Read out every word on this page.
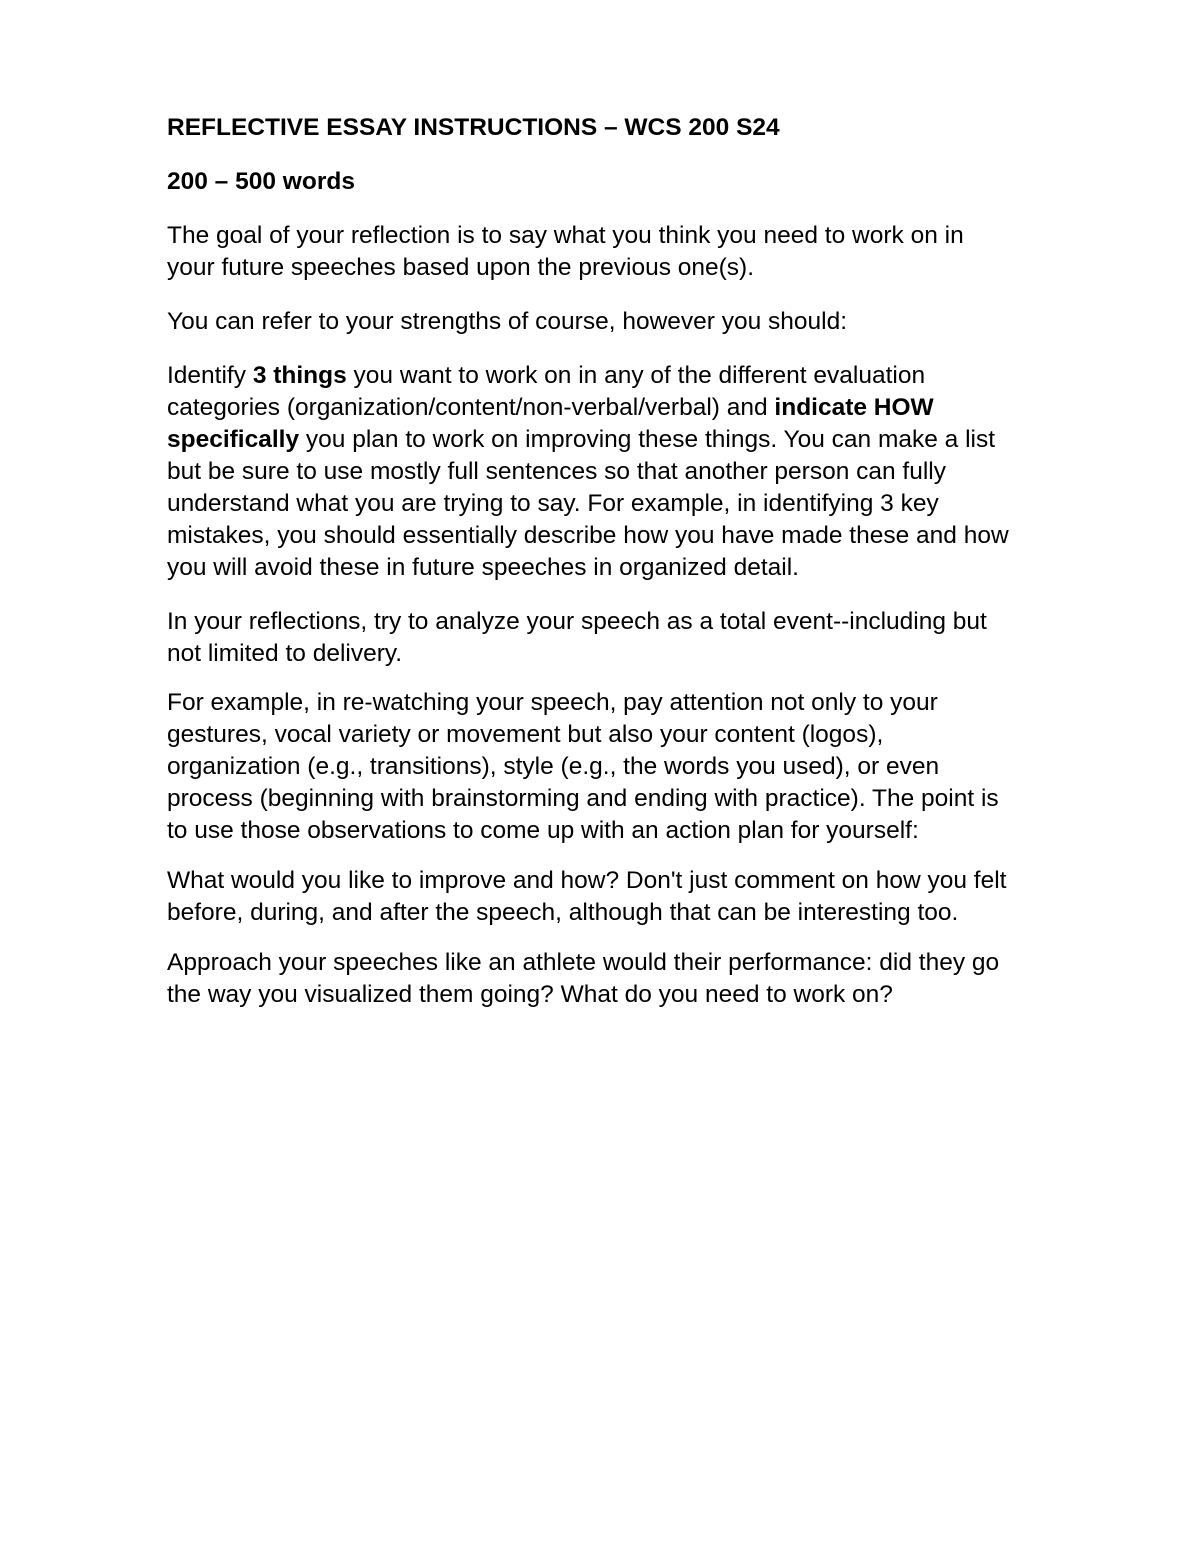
REFLECTIVE ESSAY INSTRUCTIONS – WCS 200 S24

200 – 500 words

The goal of your reflection is to say what you think you need to work on in

your future speeches based upon the previous one(s).

You can refer to your strengths of course, however you should:

Identify 3 things you want to work on in any of the different evaluation

categories (organization/content/non-verbal/verbal) and indicate HOW

specifically you plan to work on improving these things. You can make a list

but be sure to use mostly full sentences so that another person can fully

understand what you are trying to say. For example, in identifying 3 key

mistakes, you should essentially describe how you have made these and how

you will avoid these in future speeches in organized detail.

In your reflections, try to analyze your speech as a total event--including but

not limited to delivery.

For example, in re-watching your speech, pay attention not only to your

gestures, vocal variety or movement but also your content (logos),

organization (e.g., transitions), style (e.g., the words you used), or even

process (beginning with brainstorming and ending with practice). The point is

to use those observations to come up with an action plan for yourself:

What would you like to improve and how? Don't just comment on how you felt

before, during, and after the speech, although that can be interesting too.

Approach your speeches like an athlete would their performance: did they go

the way you visualized them going? What do you need to work on?
